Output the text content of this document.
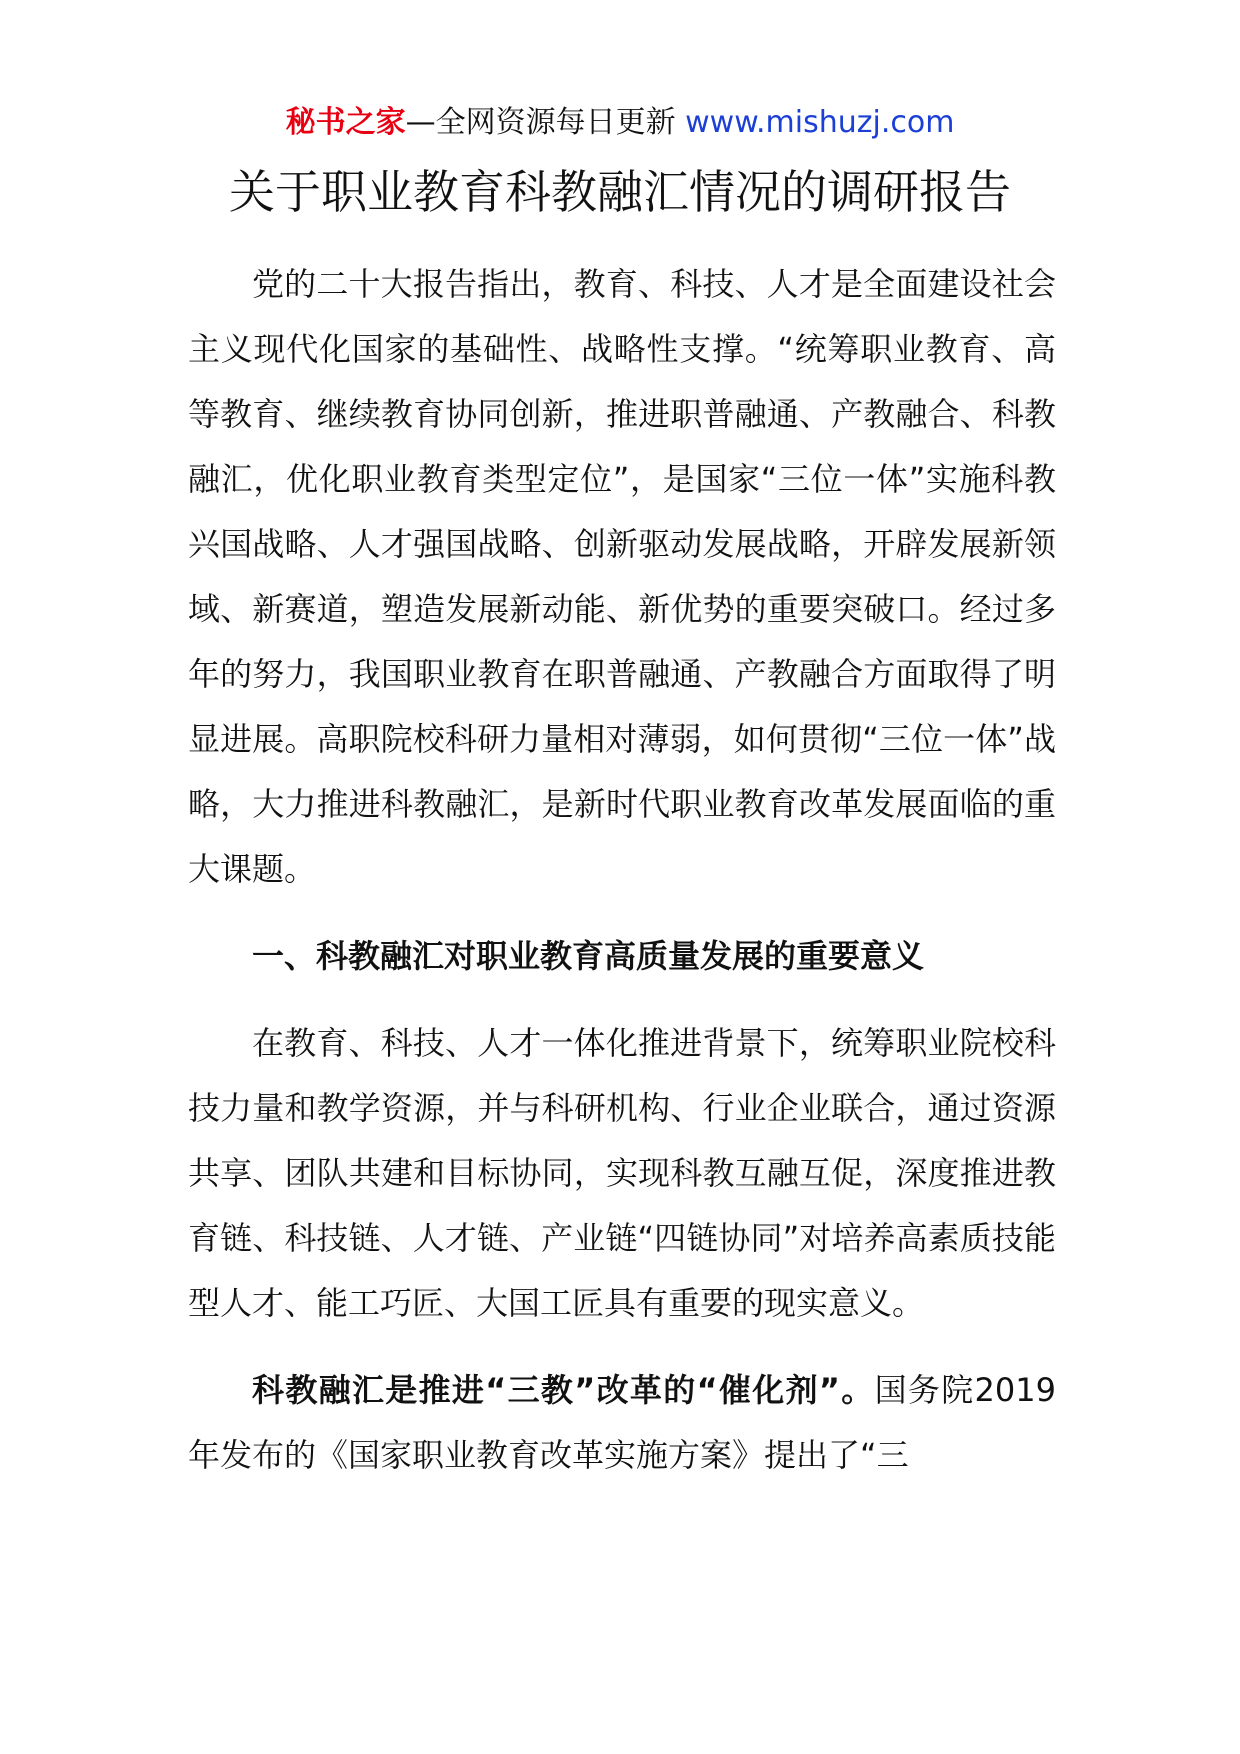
秘书之家—全网资源每日更新 www.mishuzj.com
关于职业教育科教融汇情况的调研报告

党的二十大报告指出，教育、科技、人才是全面建设社会主义现代化国家的基础性、战略性支撑。“统筹职业教育、高等教育、继续教育协同创新，推进职普融通、产教融合、科教融汇，优化职业教育类型定位”，是国家“三位一体”实施科教兴国战略、人才强国战略、创新驱动发展战略，开辟发展新领域、新赛道，塑造发展新动能、新优势的重要突破口。经过多年的努力，我国职业教育在职普融通、产教融合方面取得了明显进展。高职院校科研力量相对薄弱，如何贯彻“三位一体”战略，大力推进科教融汇，是新时代职业教育改革发展面临的重大课题。

一、科教融汇对职业教育高质量发展的重要意义

在教育、科技、人才一体化推进背景下，统筹职业院校科技力量和教学资源，并与科研机构、行业企业联合，通过资源共享、团队共建和目标协同，实现科教互融互促，深度推进教育链、科技链、人才链、产业链“四链协同”对培养高素质技能型人才、能工巧匠、大国工匠具有重要的现实意义。

科教融汇是推进“三教”改革的“催化剂”。国务院2019年发布的《国家职业教育改革实施方案》提出了“三
